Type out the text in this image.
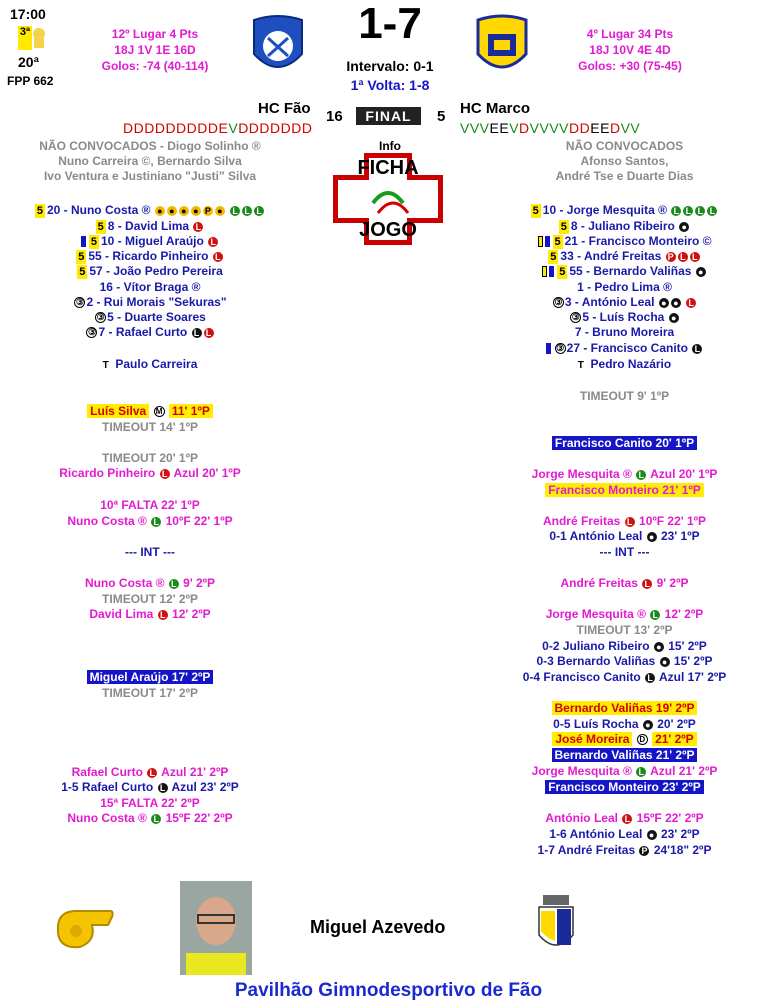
17:00
3ª
20ª
FPP 662
12º Lugar 4 Pts
18J 1V 1E 16D
Golos: -74 (40-114)
1-7
Intervalo: 0-1
1ª Volta: 1-8
4º Lugar 34 Pts
18J 10V 4E 4D
Golos: +30 (75-45)
HC Fão	HC Marco
16	FINAL	5
DDDDDDDDDEVDDDDDDD	VVVEEVDVVVVDDEEDVV
NÃO CONVOCADOS - Diogo Solinho ®
Nuno Carreira ©, Bernardo Silva
Ivo Ventura e Justiniano "Justi" Silva
NÃO CONVOCADOS
Afonso Santos,
André Tse e Duarte Dias
Info
FICHA
JOGO
5 20 - Nuno Costa ® ● ● ● ● P ● L L L
5 8 - David Lima L
5 10 - Miguel Araújo L
5 55 - Ricardo Pinheiro L
5 57 - João Pedro Pereira
16 - Vítor Braga ®
③ 2 - Rui Morais "Sekuras"
③ 5 - Duarte Soares
③ 7 - Rafael Curto L L
T Paulo Carreira
5 10 - Jorge Mesquita ® L L L L
5 8 - Juliano Ribeiro ●
5 21 - Francisco Monteiro ©
5 33 - André Freitas P L L
5 55 - Bernardo Valiñas ●
1 - Pedro Lima ®
③ 3 - António Leal ● ● L
③ 5 - Luís Rocha ●
7 - Bruno Moreira
③ 27 - Francisco Canito L
T Pedro Nazário
Luís Silva M 11' 1ºP
TIMEOUT 14' 1ºP
TIMEOUT 20' 1ºP
Ricardo Pinheiro L Azul 20' 1ºP
10ª FALTA 22' 1ºP
Nuno Costa ® L 10ºF 22' 1ºP
--- INT ---
Nuno Costa ® L 9' 2ºP
TIMEOUT 12' 2ºP
David Lima L 12' 2ºP
Miguel Araújo 17' 2ºP
TIMEOUT 17' 2ºP
Rafael Curto L Azul 21' 2ºP
1-5 Rafael Curto L Azul 23' 2ºP
15ª FALTA 22' 2ºP
Nuno Costa ® L 15ºF 22' 2ºP
TIMEOUT 9' 1ºP
Francisco Canito 20' 1ºP
Jorge Mesquita ® L Azul 20' 1ºP
Francisco Monteiro 21' 1ºP
André Freitas L 10ºF 22' 1ºP
0-1 António Leal ● 23' 1ºP
--- INT ---
André Freitas L 9' 2ºP
Jorge Mesquita ® L 12' 2ºP
TIMEOUT 13' 2ºP
0-2 Juliano Ribeiro ● 15' 2ºP
0-3 Bernardo Valiñas ● 15' 2ºP
0-4 Francisco Canito L Azul 17' 2ºP
Bernardo Valiñas 19' 2ºP
0-5 Luís Rocha ● 20' 2ºP
José Moreira D 21' 2ºP
Bernardo Valiñas 21' 2ºP
Jorge Mesquita ® L Azul 21' 2ºP
Francisco Monteiro 23' 2ºP
António Leal L 15ºF 22' 2ºP
1-6 António Leal ● 23' 2ºP
1-7 André Freitas P 24'18" 2ºP
Miguel Azevedo
Pavilhão Gimnodesportivo de Fão
